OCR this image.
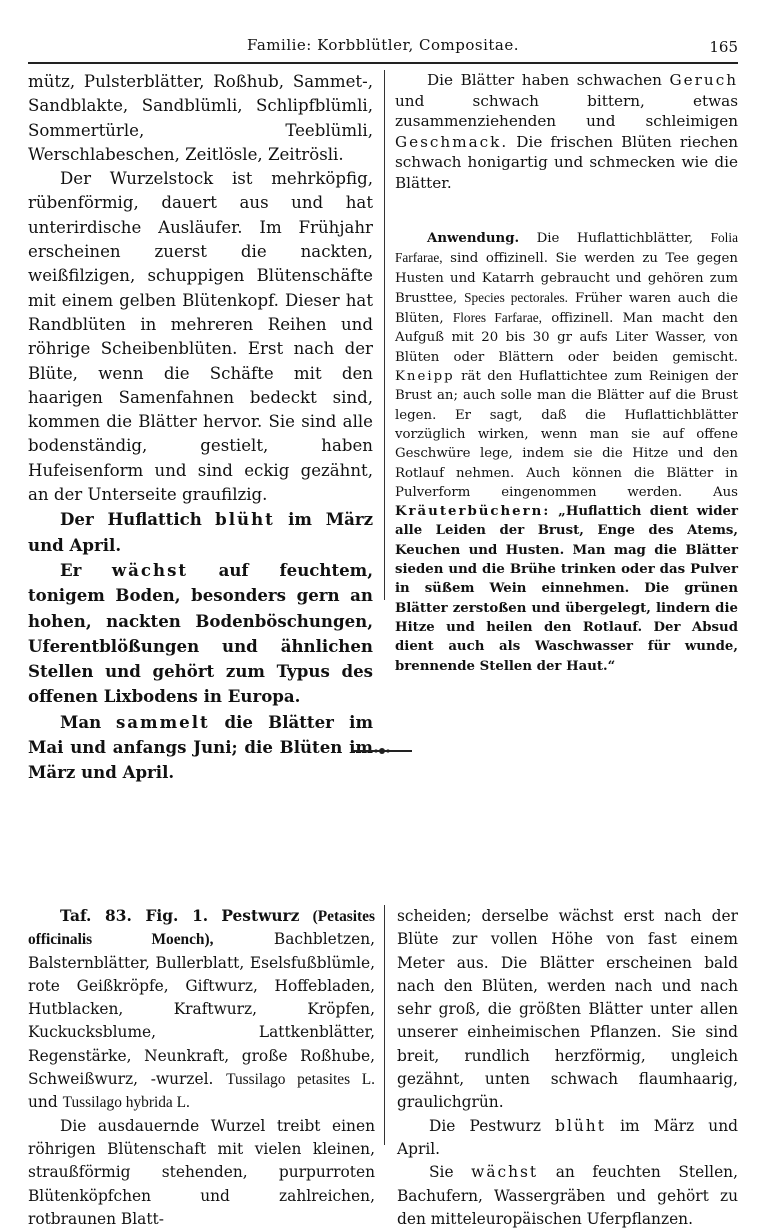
Familie: Korbblütler, Compositae.	165

mütz, Pulsterblätter, Roßhub, Sammet-, Sandblakte, Sandblümli, Schlipfblümli, Sommertürle, Teeblümli, Werschlabeschen, Zeitlösle, Zeitrösli.

Der Wurzelstock ist mehrköpfig, rübenförmig, dauert aus und hat unterirdische Ausläufer. Im Frühjahr erscheinen zuerst die nackten, weißfilzigen, schuppigen Blütenschäfte mit einem gelben Blütenkopf. Dieser hat Randblüten in mehreren Reihen und röhrige Scheibenblüten. Erst nach der Blüte, wenn die Schäfte mit den haarigen Samenfahnen bedeckt sind, kommen die Blätter hervor. Sie sind alle bodenständig, gestielt, haben Hufeisenform und sind eckig gezähnt, an der Unterseite graufilzig.

Der Huflattich blüht im März und April.

Er wächst auf feuchtem, tonigem Boden, besonders gern an hohen, nackten Bodenböschungen, Uferentblößungen und ähnlichen Stellen und gehört zum Typus des offenen Lixbodens in Europa.

Man sammelt die Blätter im Mai und anfangs Juni; die Blüten im März und April.

Die Blätter haben schwachen Geruch und schwach bittern, etwas zusammenziehenden und schleimigen Geschmack. Die frischen Blüten riechen schwach honigartig und schmecken wie die Blätter.

Anwendung. Die Huflattichblätter, Folia Farfarae, sind offizinell. Sie werden zu Tee gegen Husten und Katarrh gebraucht und gehören zum Brusttee, Species pectorales. Früher waren auch die Blüten, Flores Farfarae, offizinell. Man macht den Aufguß mit 20 bis 30 gr aufs Liter Wasser, von Blüten oder Blättern oder beiden gemischt. Kneipp rät den Huflattichtee zum Reinigen der Brust an; auch solle man die Blätter auf die Brust legen. Er sagt, daß die Huflattichblätter vorzüglich wirken, wenn man sie auf offene Geschwüre lege, indem sie die Hitze und den Rotlauf nehmen. Auch können die Blätter in Pulverform eingenommen werden. Aus Kräuterbüchern: „Huflattich dient wider alle Leiden der Brust, Enge des Atems, Keuchen und Husten. Man mag die Blätter sieden und die Brühe trinken oder das Pulver in süßem Wein einnehmen. Die grünen Blätter zerstoßen und übergelegt, lindern die Hitze und heilen den Rotlauf. Der Absud dient auch als Waschwasser für wunde, brennende Stellen der Haut.“

Taf. 83. Fig. 1. Pestwurz (Petasites officinalis Moench),	Bachbletzen, Balsternblätter, Bullerblatt, Eselsfußblümle, rote Geißkröpfe, Giftwurz, Hoffebladen, Hutblacken, Kraftwurz, Kröpfen, Kuckucksblume, Lattkenblätter, Regenstärke, Neunkraft, große Roßhube, Schweißwurz, -wurzel. Tussilago petasites L. und Tussilago hybrida L.

Die ausdauernde Wurzel treibt einen röhrigen Blütenschaft mit vielen kleinen, straußförmig stehenden, purpurroten Blütenköpfchen und zahlreichen, rotbraunen Blatt-

scheiden; derselbe wächst erst nach der Blüte zur vollen Höhe von fast einem Meter aus. Die Blätter erscheinen bald nach den Blüten, werden nach und nach sehr groß, die größten Blätter unter allen unserer einheimischen Pflanzen. Sie sind breit, rundlich herzförmig, ungleich gezähnt, unten schwach flaumhaarig, graulichgrün.

Die Pestwurz blüht im März und April.

Sie wächst an feuchten Stellen, Bachufern, Wassergräben und gehört zu den mitteleuropäischen Uferpflanzen.
